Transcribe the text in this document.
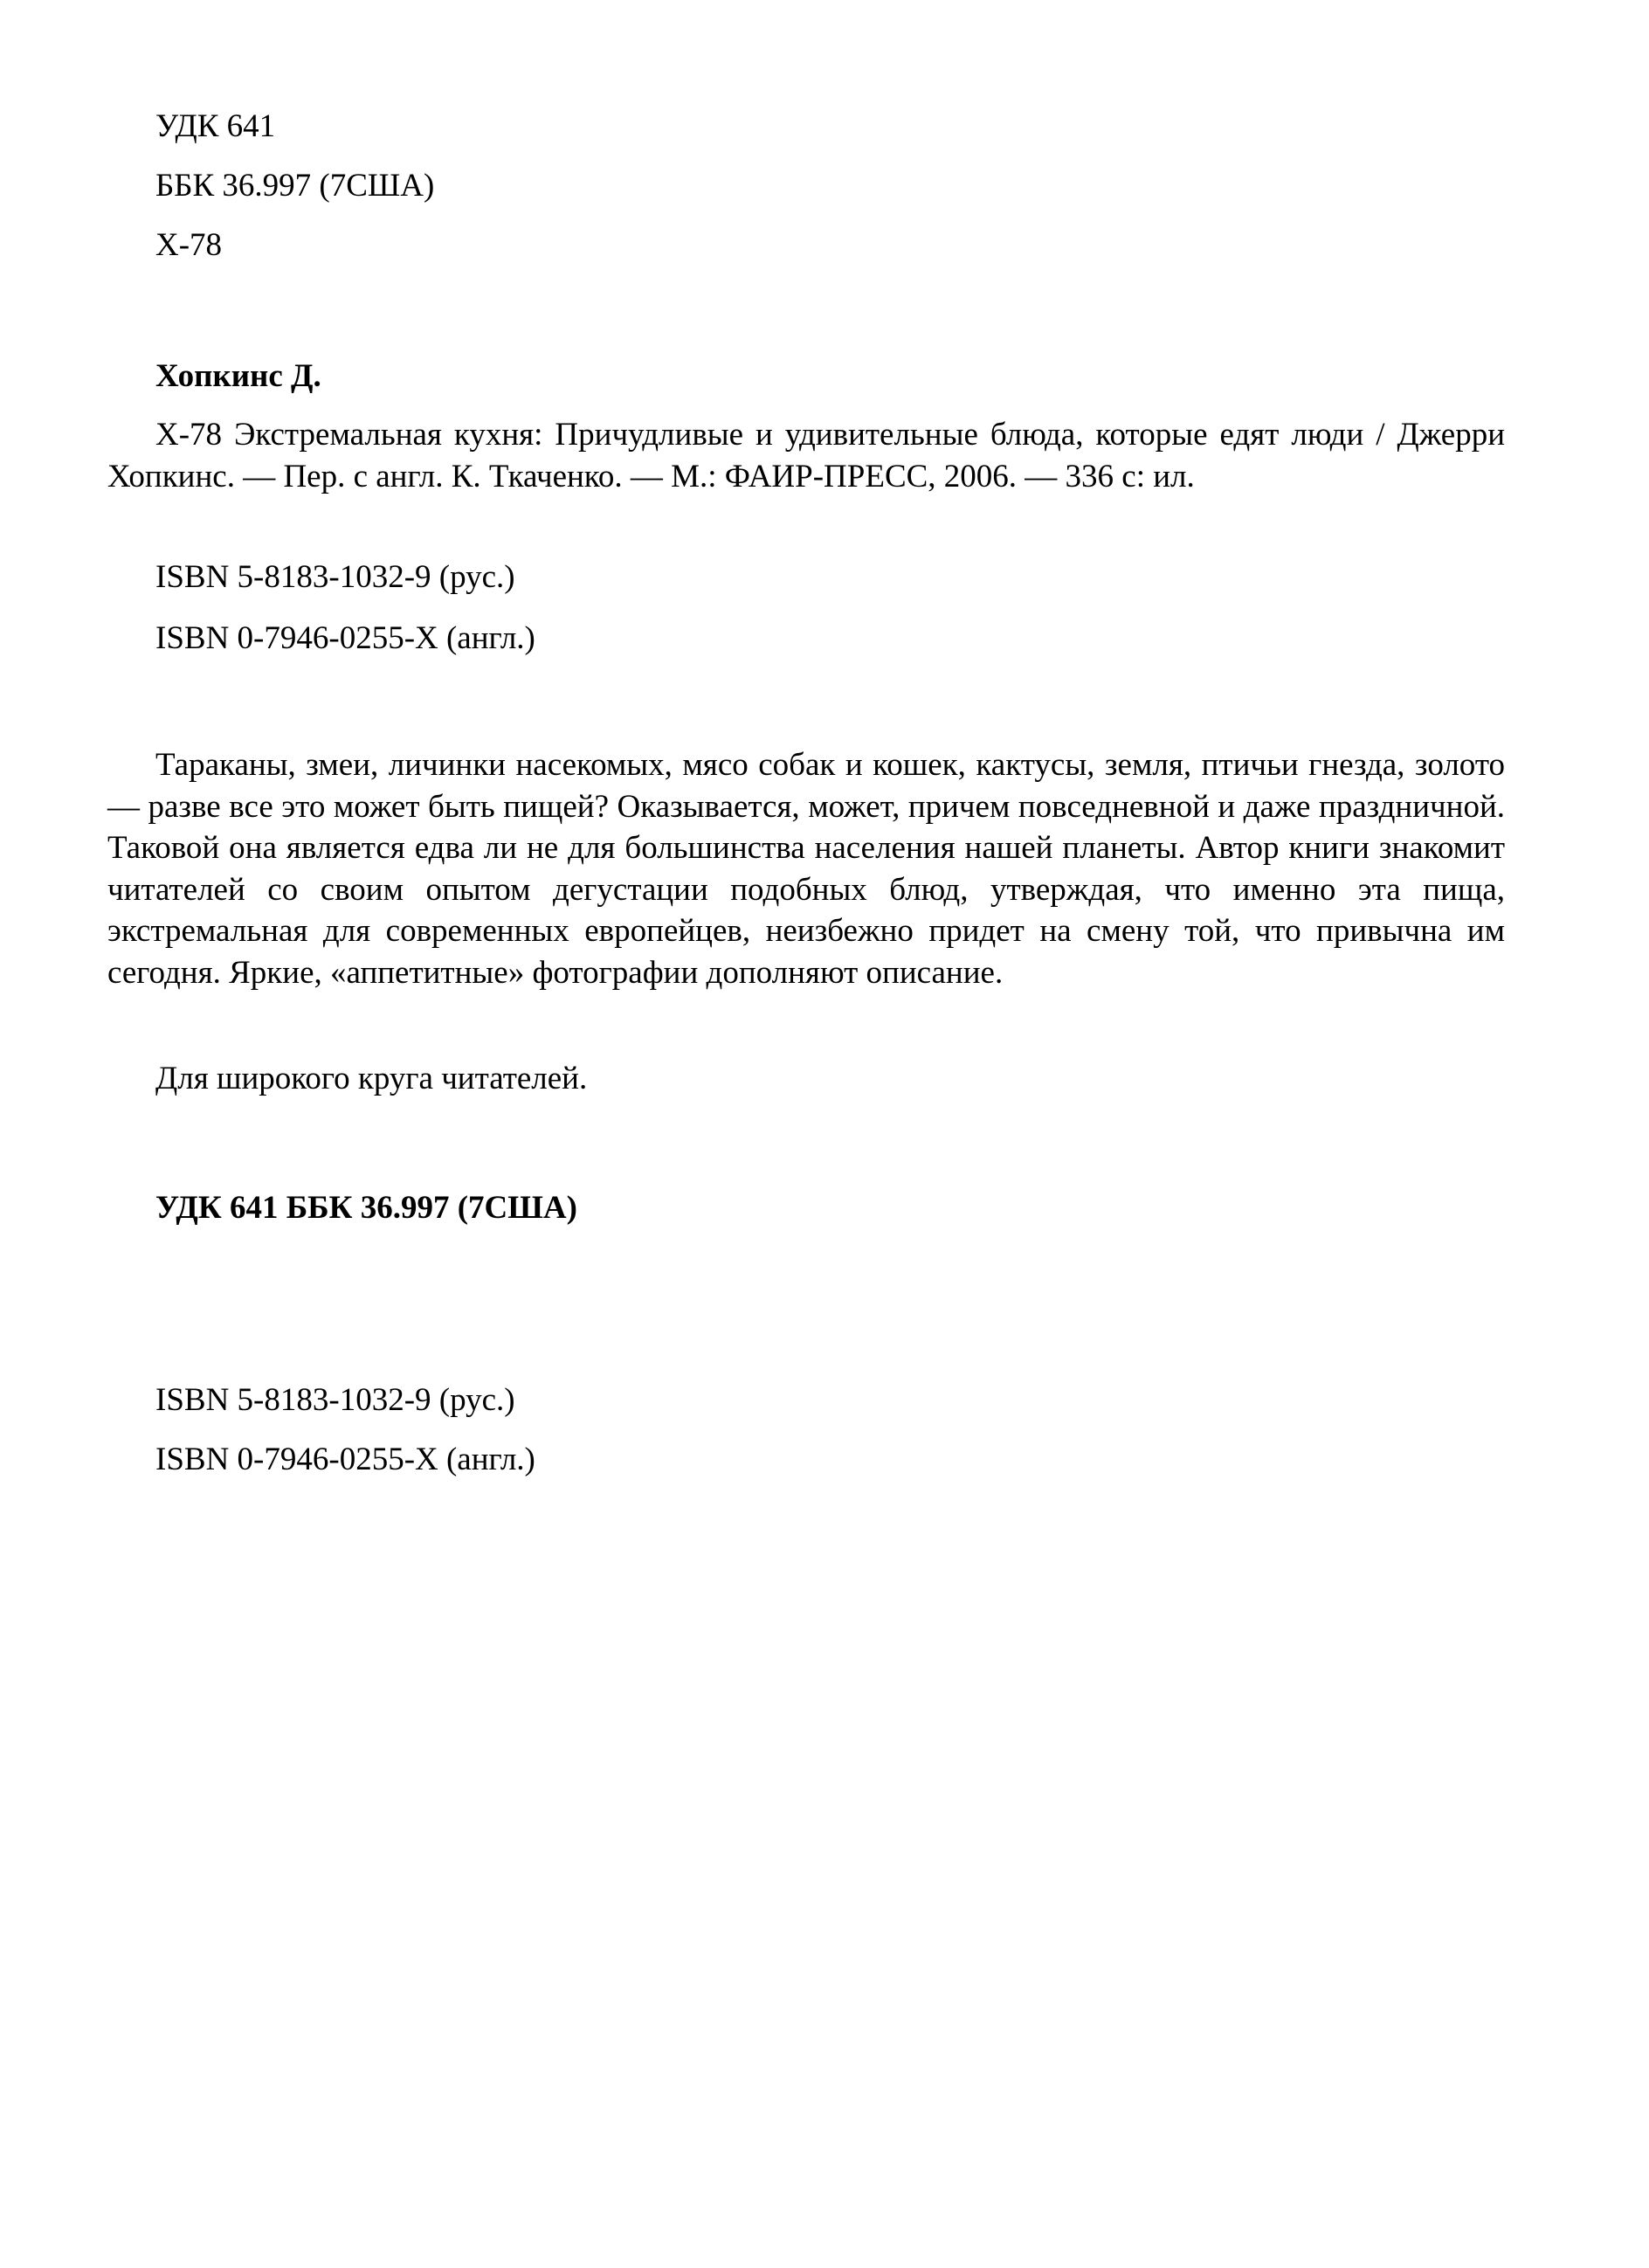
УДК 641
ББК 36.997 (7США)
Х-78
Хопкинс Д.
Х-78 Экстремальная кухня: Причудливые и удивительные блюда, которые едят люди / Джерри Хопкинс. — Пер. с англ. К. Ткаченко. — М.: ФАИР-ПРЕСС, 2006. — 336 с: ил.
ISBN 5-8183-1032-9 (рус.)
ISBN 0-7946-0255-X (англ.)
Тараканы, змеи, личинки насекомых, мясо собак и кошек, кактусы, земля, птичьи гнезда, золото — разве все это может быть пищей? Оказывается, может, причем повседневной и даже праздничной. Таковой она является едва ли не для большинства населения нашей планеты. Автор книги знакомит читателей со своим опытом дегустации подобных блюд, утверждая, что именно эта пища, экстремальная для современных европейцев, неизбежно придет на смену той, что привычна им сегодня. Яркие, «аппетитные» фотографии дополняют описание.
Для широкого круга читателей.
УДК 641 ББК 36.997 (7США)
ISBN 5-8183-1032-9 (рус.)
ISBN 0-7946-0255-X (англ.)
